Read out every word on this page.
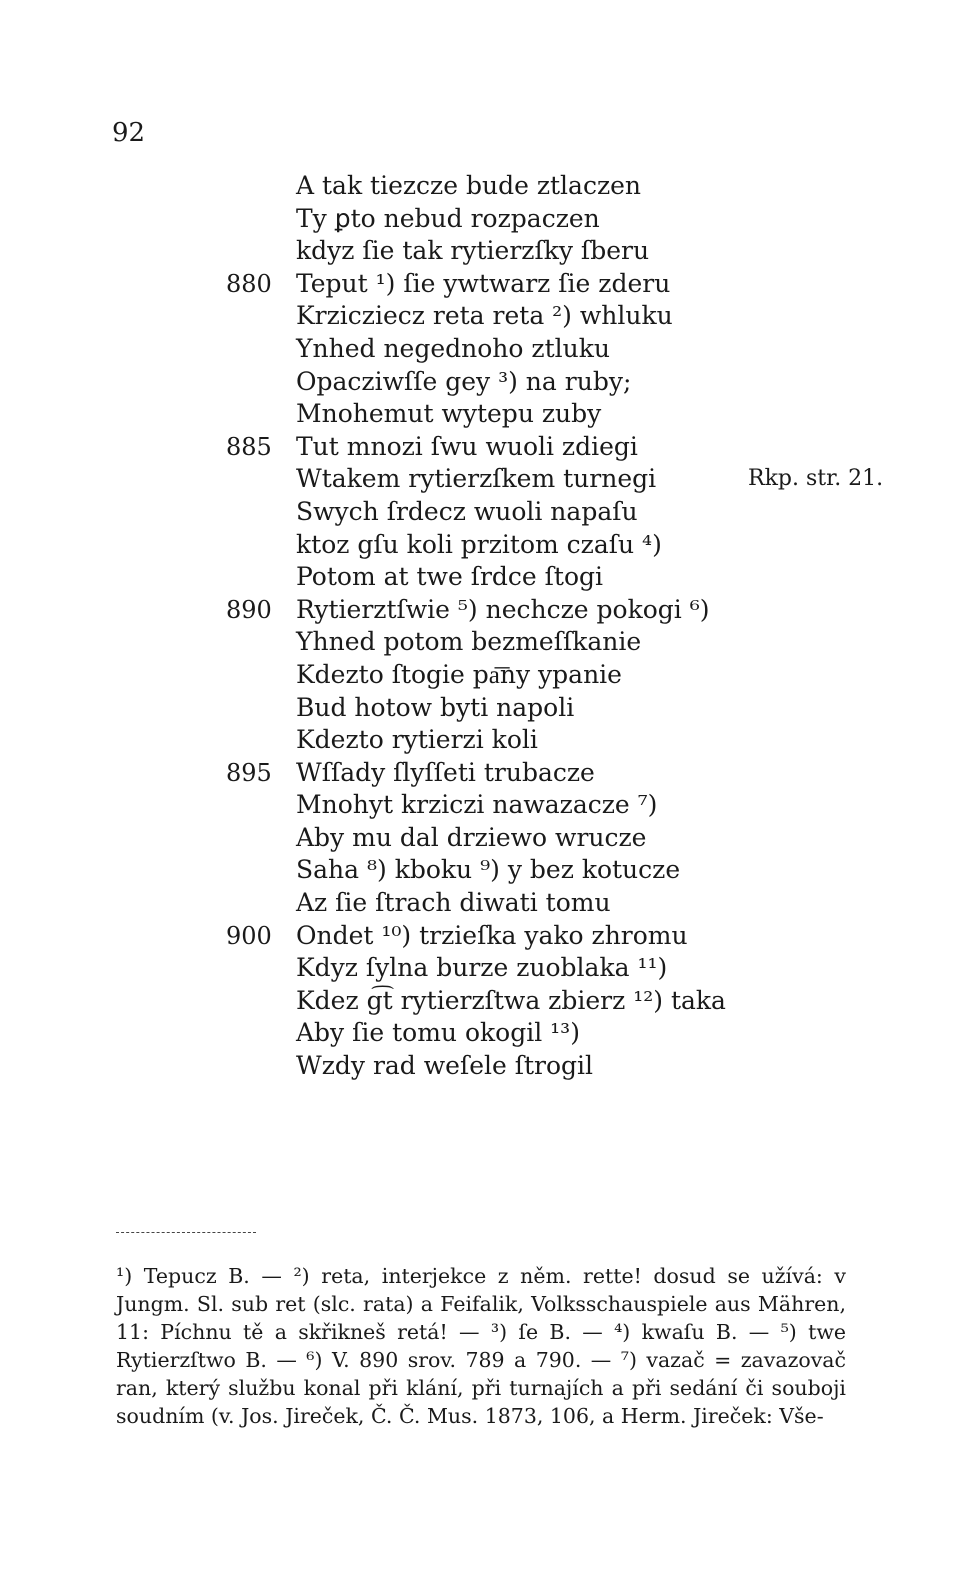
92
A tak tiezcze bude ztlaczen
Ty ꝑto nebud rozpaczen
kdyz ſie tak rytierzſky ſberu
880 Teput ¹) ſie ywtwarz ſie zderu
Krzicziecz reta reta ²) whluku
Ynhed negednoho ztluku
Opacziwſſe gey ³) na ruby;
Mnohemut wytepu zuby
885 Tut mnozi ſwu wuoli zdiegi
Wtakem rytierzſkem turnegi	Rkp. str. 21.
Swych ſrdecz wuoli napaſu
ktoz gſu koli przitom czaſu ⁴)
Potom at twe ſrdce ſtogi
890 Rytierztſwie ⁵) nechcze pokogi ⁶)
Yhned potom bezmeſſkanie
Kdezto ſtogie pa͞ny ypanie
Bud hotow byti napoli
Kdezto rytierzi koli
895 Wſſady ſlyſſeti trubacze
Mnohyt krziczi nawazacze ⁷)
Aby mu dal drziewo wrucze
Saha ⁸) kboku ⁹) y bez kotucze
Az ſie ſtrach diwati tomu
900 Ondet ¹⁰) trzieſka yako zhromu
Kdyz ſylna burze zuoblaka ¹¹)
Kdez g͡t rytierzſtwa zbierz ¹²) taka
Aby ſie tomu okogil ¹³)
Wzdy rad weſele ſtrogil
¹) Tepucz B. — ²) reta, interjekce z něm. rette! dosud se užívá: v Jungm. Sl. sub ret (slc. rata) a Feifalik, Volksschauspiele aus Mähren, 11: Píchnu tě a skřikneš retá! — ³) ſe B. — ⁴) kwaſu B. — ⁵) twe Rytierzſtwo B. — ⁶) V. 890 srov. 789 a 790. — ⁷) vazač = zavazovač ran, který službu konal při klání, při turnajích a při sedání či souboji soudním (v. Jos. Jireček, Č. Č. Mus. 1873, 106, a Herm. Jireček: Vše-
